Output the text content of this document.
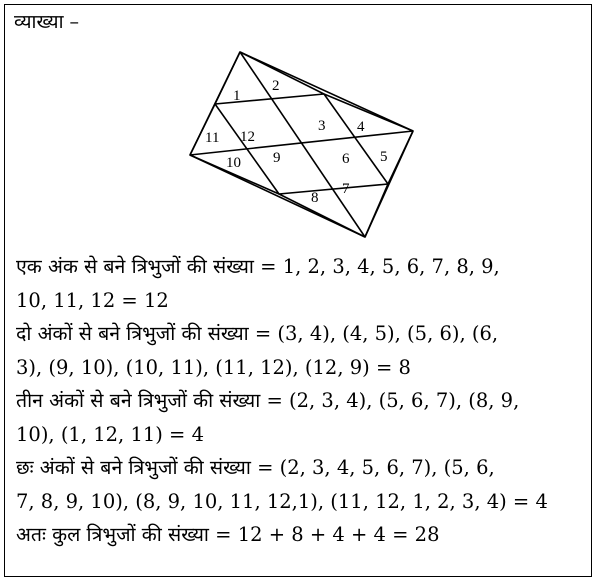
व्याख्या –
1
2
3 4
5
6
7
8
9
10
11 12

एक अंक से बने त्रिभुजों की संख्या = 1, 2, 3, 4, 5, 6, 7, 8, 9,

10, 11, 12 = 12

दो अंकों से बने त्रिभुजों की संख्या = (3, 4), (4, 5), (5, 6), (6,

3), (9, 10), (10, 11), (11, 12), (12, 9) = 8

तीन अंकों से बने त्रिभुजों की संख्या = (2, 3, 4), (5, 6, 7), (8, 9,

10), (1, 12, 11) = 4

छः अंकों से बने त्रिभुजों की संख्या = (2, 3, 4, 5, 6, 7), (5, 6,

7, 8, 9, 10), (8, 9, 10, 11, 12,1), (11, 12, 1, 2, 3, 4) = 4

अतः कुल त्रिभुजों की संख्या = 12 + 8 + 4 + 4 = 28
